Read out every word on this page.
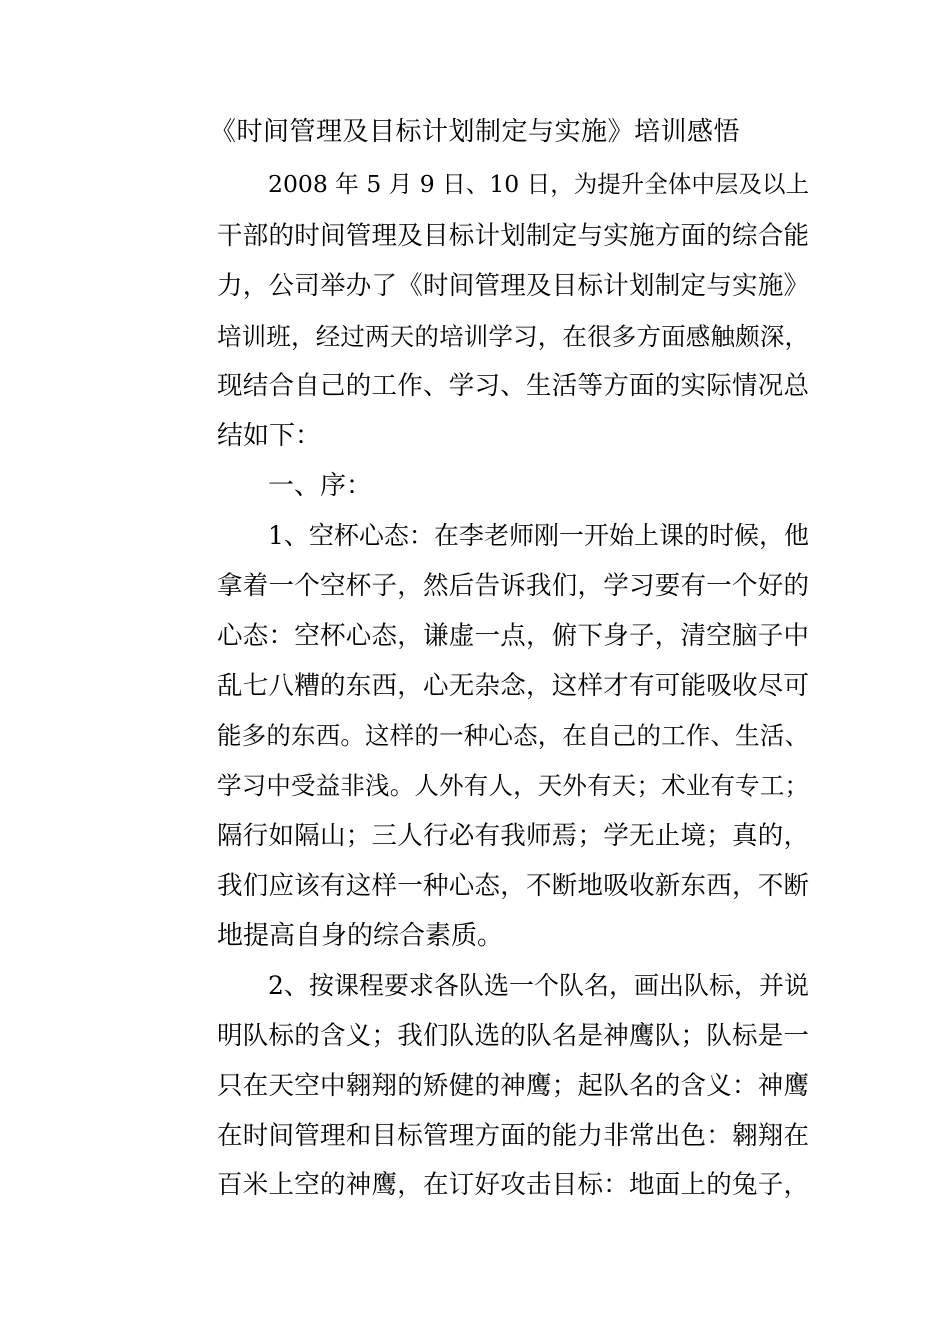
《时间管理及目标计划制定与实施》培训感悟
2008 年 5 月 9 日、10 日，为提升全体中层及以上
干部的时间管理及目标计划制定与实施方面的综合能
力，公司举办了《时间管理及目标计划制定与实施》
培训班，经过两天的培训学习，在很多方面感触颇深，
现结合自己的工作、学习、生活等方面的实际情况总
结如下：
一、序：
1、空杯心态：在李老师刚一开始上课的时候，他
拿着一个空杯子，然后告诉我们，学习要有一个好的
心态：空杯心态，谦虚一点，俯下身子，清空脑子中
乱七八糟的东西，心无杂念，这样才有可能吸收尽可
能多的东西。这样的一种心态，在自己的工作、生活、
学习中受益非浅。人外有人，天外有天；术业有专工；
隔行如隔山；三人行必有我师焉；学无止境；真的，
我们应该有这样一种心态，不断地吸收新东西，不断
地提高自身的综合素质。
2、按课程要求各队选一个队名，画出队标，并说
明队标的含义；我们队选的队名是神鹰队；队标是一
只在天空中翱翔的矫健的神鹰；起队名的含义：神鹰
在时间管理和目标管理方面的能力非常出色：翱翔在
百米上空的神鹰，在订好攻击目标：地面上的兔子，
